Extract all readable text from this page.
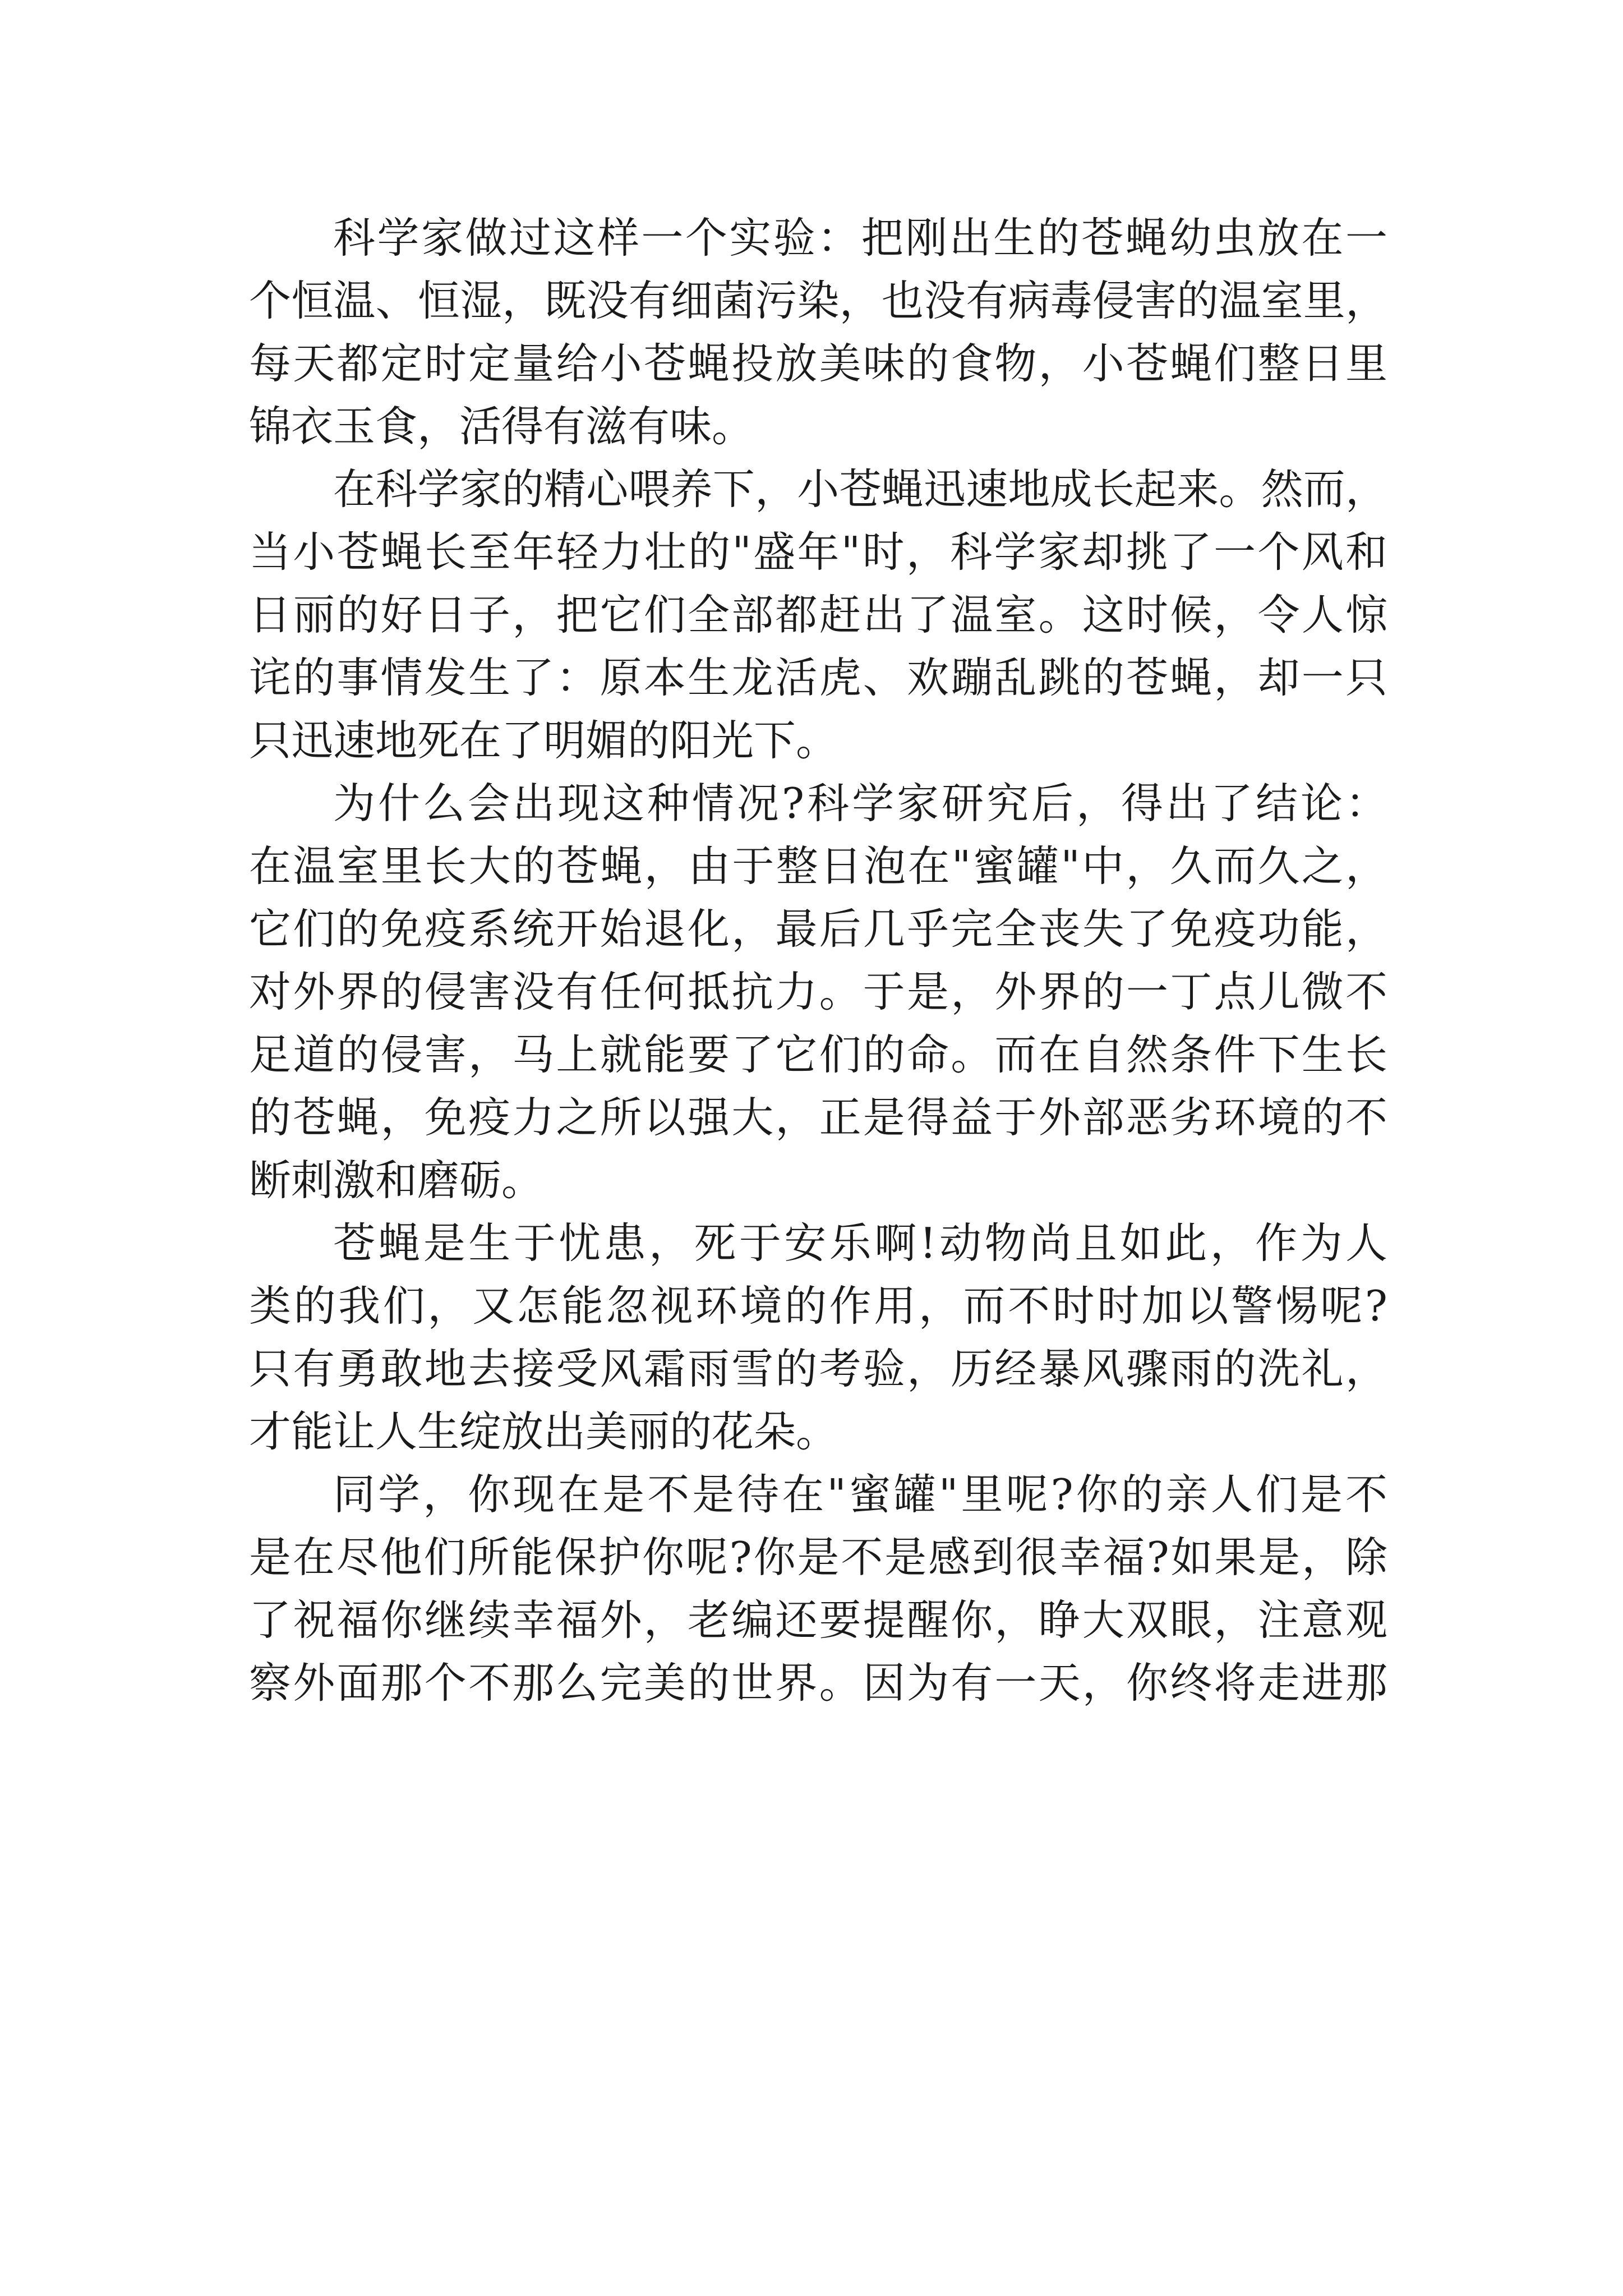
科学家做过这样一个实验：把刚出生的苍蝇幼虫放在一
个恒温、恒湿，既没有细菌污染，也没有病毒侵害的温室里，
每天都定时定量给小苍蝇投放美味的食物，小苍蝇们整日里
锦衣玉食，活得有滋有味。
在科学家的精心喂养下，小苍蝇迅速地成长起来。然而，
当小苍蝇长至年轻力壮的"盛年"时，科学家却挑了一个风和
日丽的好日子，把它们全部都赶出了温室。这时候，令人惊
诧的事情发生了：原本生龙活虎、欢蹦乱跳的苍蝇，却一只
只迅速地死在了明媚的阳光下。
为什么会出现这种情况?科学家研究后，得出了结论：
在温室里长大的苍蝇，由于整日泡在"蜜罐"中，久而久之，
它们的免疫系统开始退化，最后几乎完全丧失了免疫功能，
对外界的侵害没有任何抵抗力。于是，外界的一丁点儿微不
足道的侵害，马上就能要了它们的命。而在自然条件下生长
的苍蝇，免疫力之所以强大，正是得益于外部恶劣环境的不
断刺激和磨砺。
苍蝇是生于忧患，死于安乐啊!动物尚且如此，作为人
类的我们，又怎能忽视环境的作用，而不时时加以警惕呢?
只有勇敢地去接受风霜雨雪的考验，历经暴风骤雨的洗礼，
才能让人生绽放出美丽的花朵。
同学，你现在是不是待在"蜜罐"里呢?你的亲人们是不
是在尽他们所能保护你呢?你是不是感到很幸福?如果是，除
了祝福你继续幸福外，老编还要提醒你，睁大双眼，注意观
察外面那个不那么完美的世界。因为有一天，你终将走进那
